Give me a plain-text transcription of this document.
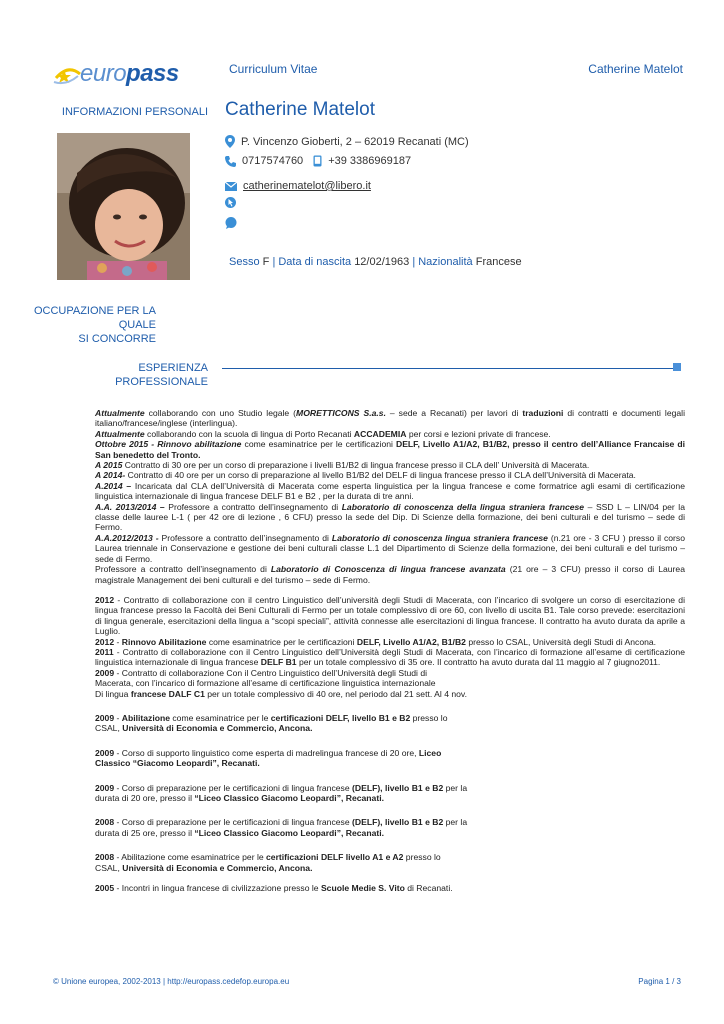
europass	Curriculum Vitae	Catherine Matelot
INFORMAZIONI PERSONALI Catherine Matelot
P. Vincenzo Gioberti, 2 – 62019 Recanati (MC)
0717574760 +39 3386969187
catherinematelot@libero.it
Sesso F | Data di nascita 12/02/1963 | Nazionalità Francese
OCCUPAZIONE PER LA QUALE
SI CONCORRE
ESPERIENZA
PROFESSIONALE

Attualmente collaborando con uno Studio legale (MORETTICONS S.a.s. – sede a Recanati) per lavori di traduzioni di contratti e documenti legali italiano/francese/inglese (interlingua).

Attualmente collaborando con la scuola di lingua di Porto Recanati ACCADEMIA per corsi e lezioni private di francese.

Ottobre 2015 - Rinnovo abilitazione come esaminatrice per le certificazioni DELF, Livello A1/A2, B1/B2, presso il centro dell’Alliance Francaise di San benedetto del Tronto.

A 2015 Contratto di 30 ore per un corso di preparazione i livelli B1/B2 di lingua francese presso il CLA dell’ Università di Macerata.

A 2014- Contratto di 40 ore per un corso di preparazione al livello B1/B2 del DELF di lingua francese presso il CLA dell’Università di Macerata.

A.2014 – Incaricata dal CLA dell’Università di Macerata come esperta linguistica per la lingua francese e come formatrice agli esami di certificazione linguistica internazionale di lingua francese DELF B1 e B2 , per la durata di tre anni.

A.A. 2013/2014 – Professore a contratto dell’insegnamento di Laboratorio di conoscenza della lingua straniera francese – SSD L – LIN/04 per la classe delle lauree L-1 ( per 42 ore di lezione , 6 CFU) presso la sede del Dip. Di Scienze della formazione, dei beni culturali e del turismo – sede di Fermo.

A.A.2012/2013 - Professore a contratto dell’insegnamento di Laboratorio di conoscenza lingua straniera francese (n.21 ore - 3 CFU ) presso il corso Laurea triennale in Conservazione e gestione dei beni culturali classe L.1 del Dipartimento di Scienze della formazione, dei beni culturali e del turismo – sede di Fermo.

Professore a contratto dell’insegnamento di Laboratorio di Conoscenza di lingua francese avanzata (21 ore – 3 CFU) presso il corso di Laurea magistrale Management dei beni culturali e del turismo – sede di Fermo.

2012 - Contratto di collaborazione con il centro Linguistico dell’università degli Studi di Macerata, con l’incarico di svolgere un corso di esercitazione di lingua francese presso la Facoltà dei Beni Culturali di Fermo per un totale complessivo di ore 60, con livello di uscita B1. Tale corso prevede: esercitazioni di lingua generale, esercitazioni della lingua a “scopi speciali”, attività connesse alle esercitazioni di lingua francese. Il contratto ha avuto durata da aprile a Luglio.

2012 - Rinnovo Abilitazione come esaminatrice per le certificazioni DELF, Livello A1/A2, B1/B2 presso lo CSAL, Università degli Studi di Ancona.

2011 - Contratto di collaborazione con il Centro Linguistico dell’Università degli Studi di Macerata, con l’incarico di formazione all’esame di certificazione linguistica internazionale di lingua francese DELF B1 per un totale complessivo di 35 ore. Il contratto ha avuto durata dal 11 maggio al 7 giugno2011.

2009 - Contratto di collaborazione Con il Centro Linguistico dell’Università degli Studi di
Macerata, con l’incarico di formazione all’esame di certificazione linguistica internazionale
Di lingua francese DALF C1 per un totale complessivo di 40 ore, nel periodo dal 21 sett. Al 4 nov.

2009 - Abilitazione come esaminatrice per le certificazioni DELF, livello B1 e B2 presso lo
CSAL, Università di Economia e Commercio, Ancona.

2009 - Corso di supporto linguistico come esperta di madrelingua francese di 20 ore, Liceo
Classico “Giacomo Leopardi”, Recanati.

2009 - Corso di preparazione per le certificazioni di lingua francese (DELF), livello B1 e B2 per la
durata di 20 ore, presso il “Liceo Classico Giacomo Leopardi”, Recanati.

2008 - Corso di preparazione per le certificazioni di lingua francese (DELF), livello B1 e B2 per la
durata di 25 ore, presso il “Liceo Classico Giacomo Leopardi”, Recanati.

2008 - Abilitazione come esaminatrice per le certificazioni DELF livello A1 e A2 presso lo
CSAL, Università di Economia e Commercio, Ancona.

2005 - Incontri in lingua francese di civilizzazione presso le Scuole Medie S. Vito di Recanati.

© Unione europea, 2002-2013 | http://europass.cedefop.europa.eu	Pagina 1 / 3
